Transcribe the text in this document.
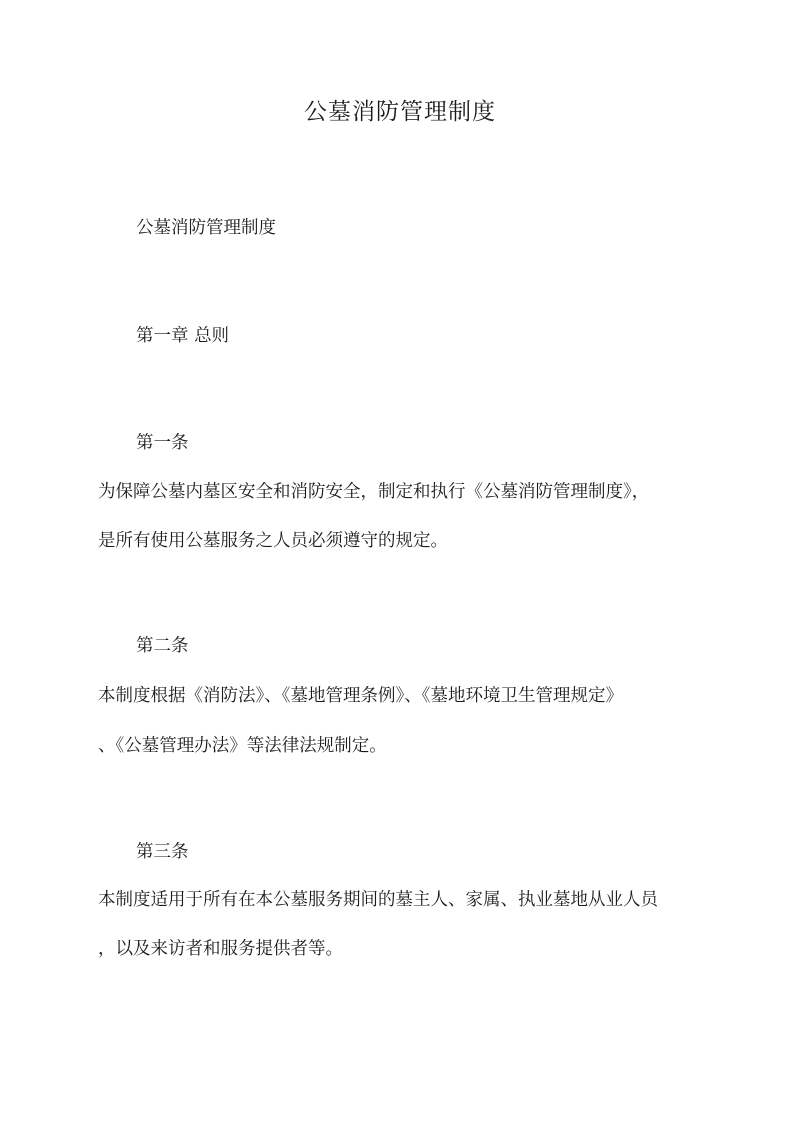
公墓消防管理制度

公墓消防管理制度

第一章 总则

第一条

为保障公墓内墓区安全和消防安全，制定和执行《公墓消防管理制度》，

是所有使用公墓服务之人员必须遵守的规定。

第二条

本制度根据《消防法》、《墓地管理条例》、《墓地环境卫生管理规定》

、《公墓管理办法》等法律法规制定。

第三条

本制度适用于所有在本公墓服务期间的墓主人、家属、执业墓地从业人员

，以及来访者和服务提供者等。
